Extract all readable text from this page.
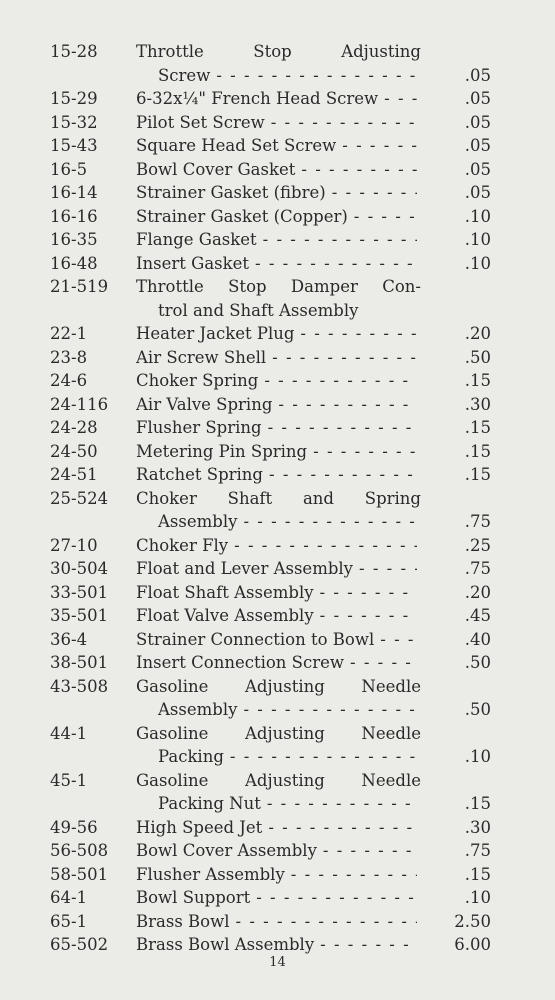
15-28	Throttle Stop Adjusting
Screw - - -	.05
15-29	6-32x¼" French Head Screw - - -	.05
15-32	Pilot Set Screw - - -	.05
15-43	Square Head Set Screw - - -	.05
16-5	Bowl Cover Gasket - - -	.05
16-14	Strainer Gasket (fibre) - - -	.05
16-16	Strainer Gasket (Copper) - - -	.10
16-35	Flange Gasket - - -	.10
16-48	Insert Gasket - - -	.10
21-519	Throttle Stop Damper Con-
trol and Shaft Assembly
22-1	Heater Jacket Plug - - -	.20
23-8	Air Screw Shell - - -	.50
24-6	Choker Spring - - -	.15
24-116	Air Valve Spring - - -	.30
24-28	Flusher Spring - - -	.15
24-50	Metering Pin Spring - - -	.15
24-51	Ratchet Spring - - -	.15
25-524	Choker Shaft and Spring
Assembly - - -	.75
27-10	Choker Fly - - -	.25
30-504	Float and Lever Assembly - - -	.75
33-501	Float Shaft Assembly - - -	.20
35-501	Float Valve Assembly - - -	.45
36-4	Strainer Connection to Bowl - - -	.40
38-501	Insert Connection Screw - - -	.50
43-508	Gasoline Adjusting Needle
Assembly - - -	.50
44-1	Gasoline Adjusting Needle
Packing - - -	.10
45-1	Gasoline Adjusting Needle
Packing Nut - - -	.15
49-56	High Speed Jet - - -	.30
56-508	Bowl Cover Assembly - - -	.75
58-501	Flusher Assembly - - -	.15
64-1	Bowl Support - - -	.10
65-1	Brass Bowl - - -	2.50
65-502	Brass Bowl Assembly - - -	6.00
14
